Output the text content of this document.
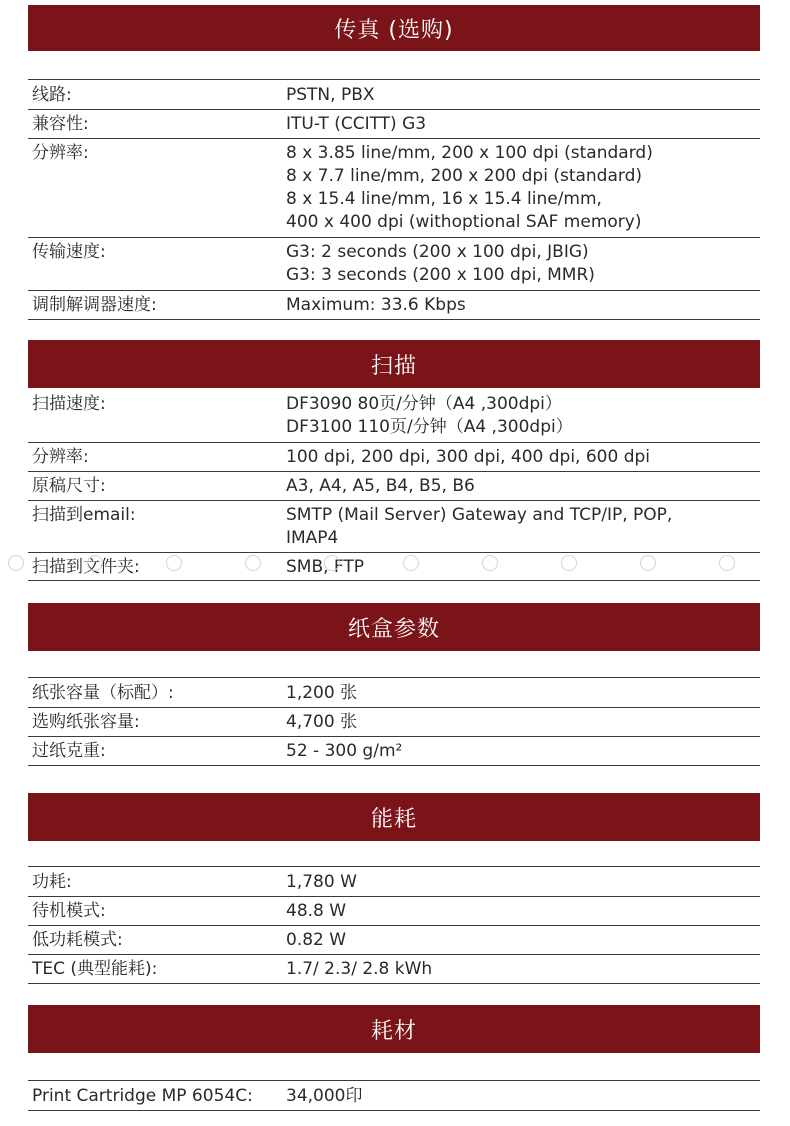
传真 (选购)
线路:	PSTN, PBX
兼容性:	ITU-T (CCITT) G3
分辨率:	8 x 3.85 line/mm, 200 x 100 dpi (standard)
8 x 7.7 line/mm, 200 x 200 dpi (standard)
8 x 15.4 line/mm, 16 x 15.4 line/mm,
400 x 400 dpi (withoptional SAF memory)
传输速度:	G3: 2 seconds (200 x 100 dpi, JBIG)
G3: 3 seconds (200 x 100 dpi, MMR)
调制解调器速度:	Maximum: 33.6 Kbps
扫描
扫描速度:	DF3090 80页/分钟（A4 ,300dpi）
DF3100 110页/分钟（A4 ,300dpi）
分辨率:	100 dpi, 200 dpi, 300 dpi, 400 dpi, 600 dpi
原稿尺寸:	A3, A4, A5, B4, B5, B6
扫描到email:	SMTP (Mail Server) Gateway and TCP/IP, POP,
IMAP4
扫描到文件夹:	SMB, FTP
纸盒参数
纸张容量（标配）:	1,200 张
选购纸张容量:	4,700 张
过纸克重:	52 - 300 g/m²
能耗
功耗:	1,780 W
待机模式:	48.8 W
低功耗模式:	0.82 W
TEC (典型能耗):	1.7/ 2.3/ 2.8 kWh
耗材
Print Cartridge MP 6054C: 34,000印
